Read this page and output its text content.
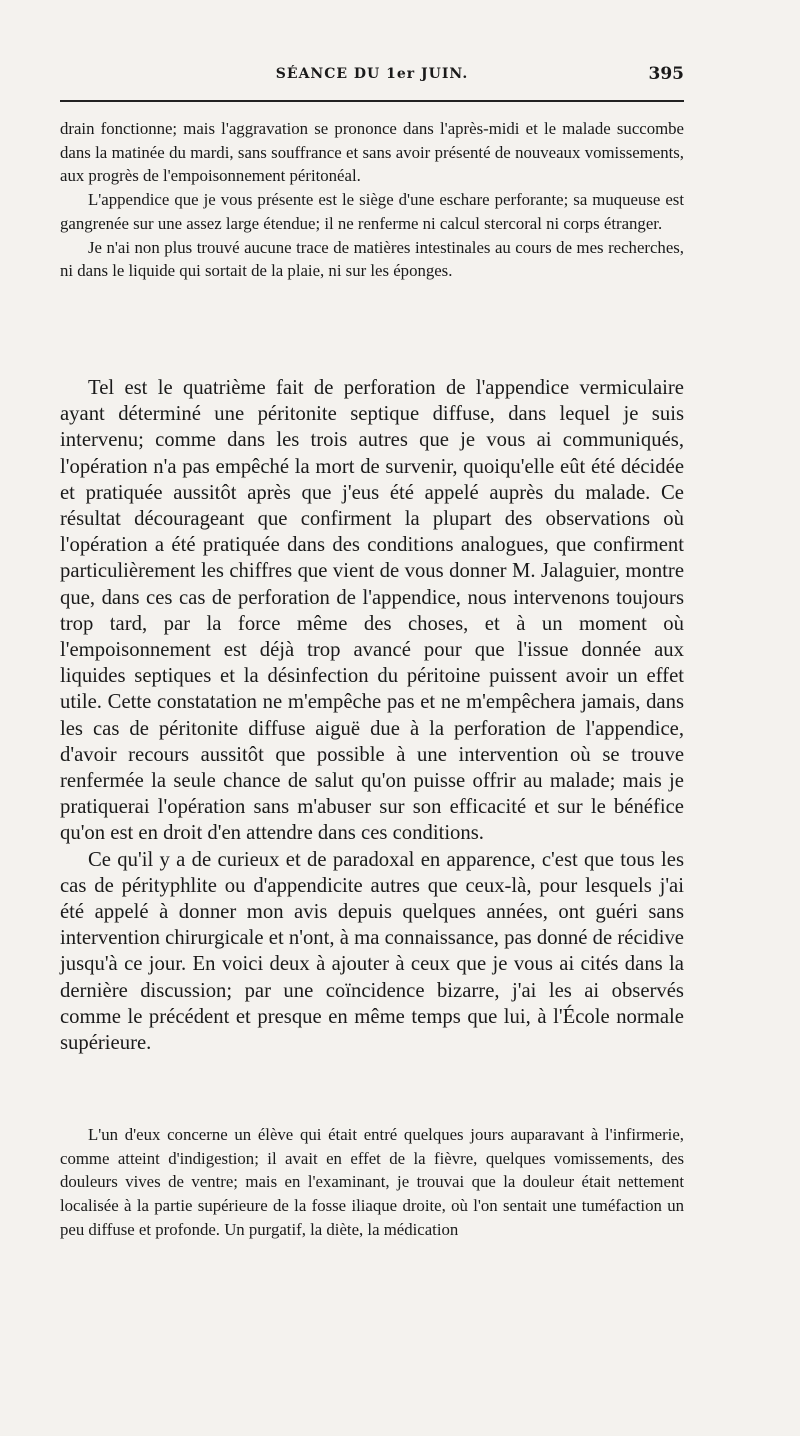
SÉANCE DU 1er JUIN.	395

drain fonctionne; mais l'aggravation se prononce dans l'après-midi et le malade succombe dans la matinée du mardi, sans souffrance et sans avoir présenté de nouveaux vomissements, aux progrès de l'empoisonnement péritonéal.

L'appendice que je vous présente est le siège d'une eschare perforante; sa muqueuse est gangrenée sur une assez large étendue; il ne renferme ni calcul stercoral ni corps étranger.

Je n'ai non plus trouvé aucune trace de matières intestinales au cours de mes recherches, ni dans le liquide qui sortait de la plaie, ni sur les éponges.

Tel est le quatrième fait de perforation de l'appendice vermiculaire ayant déterminé une péritonite septique diffuse, dans lequel je suis intervenu; comme dans les trois autres que je vous ai communiqués, l'opération n'a pas empêché la mort de survenir, quoiqu'elle eût été décidée et pratiquée aussitôt après que j'eus été appelé auprès du malade. Ce résultat décourageant que confirment la plupart des observations où l'opération a été pratiquée dans des conditions analogues, que confirment particulièrement les chiffres que vient de vous donner M. Jalaguier, montre que, dans ces cas de perforation de l'appendice, nous intervenons toujours trop tard, par la force même des choses, et à un moment où l'empoisonnement est déjà trop avancé pour que l'issue donnée aux liquides septiques et la désinfection du péritoine puissent avoir un effet utile. Cette constatation ne m'empêche pas et ne m'empêchera jamais, dans les cas de péritonite diffuse aiguë due à la perforation de l'appendice, d'avoir recours aussitôt que possible à une intervention où se trouve renfermée la seule chance de salut qu'on puisse offrir au malade; mais je pratiquerai l'opération sans m'abuser sur son efficacité et sur le bénéfice qu'on est en droit d'en attendre dans ces conditions.

Ce qu'il y a de curieux et de paradoxal en apparence, c'est que tous les cas de pérityphlite ou d'appendicite autres que ceux-là, pour lesquels j'ai été appelé à donner mon avis depuis quelques années, ont guéri sans intervention chirurgicale et n'ont, à ma connaissance, pas donné de récidive jusqu'à ce jour. En voici deux à ajouter à ceux que je vous ai cités dans la dernière discussion; par une coïncidence bizarre, j'ai les ai observés comme le précédent et presque en même temps que lui, à l'École normale supérieure.

L'un d'eux concerne un élève qui était entré quelques jours auparavant à l'infirmerie, comme atteint d'indigestion; il avait en effet de la fièvre, quelques vomissements, des douleurs vives de ventre; mais en l'examinant, je trouvai que la douleur était nettement localisée à la partie supérieure de la fosse iliaque droite, où l'on sentait une tuméfaction un peu diffuse et profonde. Un purgatif, la diète, la médication
